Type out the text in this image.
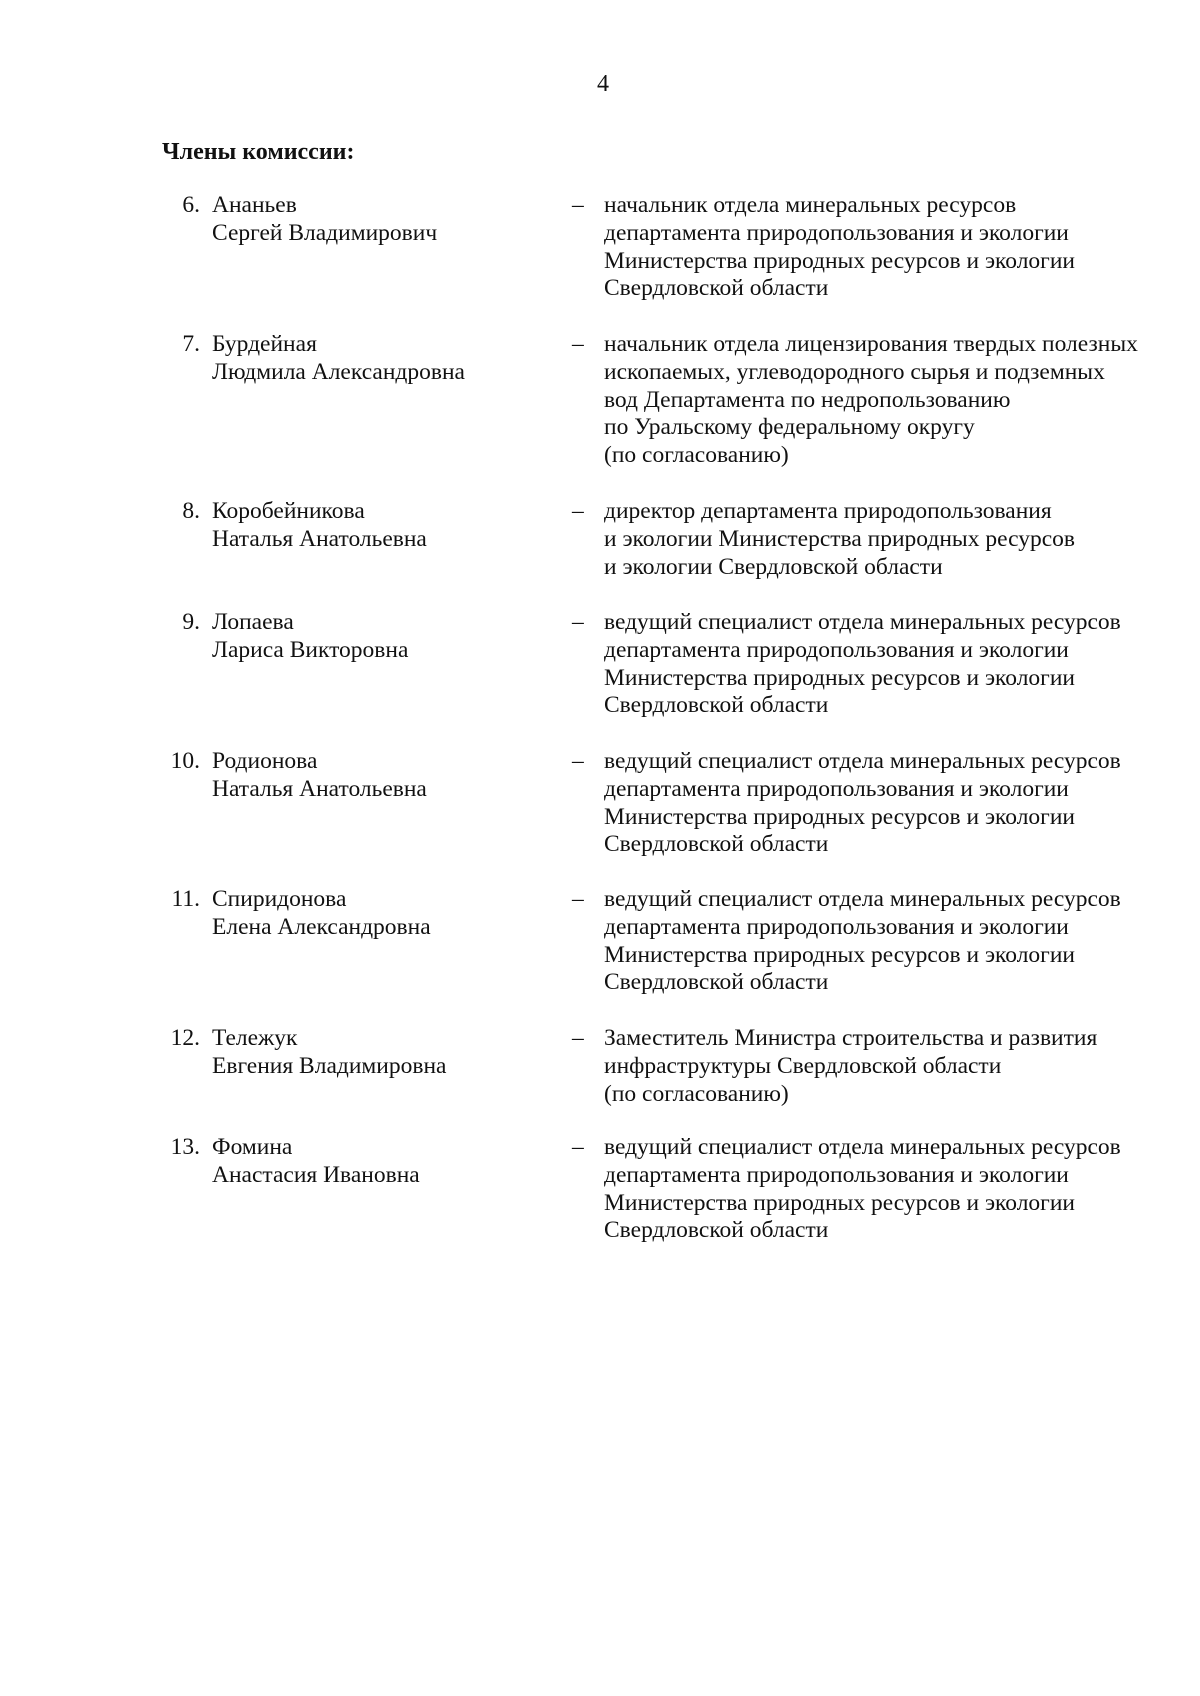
4
Члены комиссии:
6. Ананьев
Сергей Владимирович
– начальник отдела минеральных ресурсов
департамента природопользования и экологии
Министерства природных ресурсов и экологии
Свердловской области
7. Бурдейная
Людмила Александровна
– начальник отдела лицензирования твердых полезных
ископаемых, углеводородного сырья и подземных
вод Департамента по недропользованию
по Уральскому федеральному округу
(по согласованию)
8. Коробейникова
Наталья Анатольевна
– директор департамента природопользования
и экологии Министерства природных ресурсов
и экологии Свердловской области
9. Лопаева
Лариса Викторовна
– ведущий специалист отдела минеральных ресурсов
департамента природопользования и экологии
Министерства природных ресурсов и экологии
Свердловской области
10. Родионова
Наталья Анатольевна
– ведущий специалист отдела минеральных ресурсов
департамента природопользования и экологии
Министерства природных ресурсов и экологии
Свердловской области
11. Спиридонова
Елена Александровна
– ведущий специалист отдела минеральных ресурсов
департамента природопользования и экологии
Министерства природных ресурсов и экологии
Свердловской области
12. Тележук
Евгения Владимировна
– Заместитель Министра строительства и развития
инфраструктуры Свердловской области
(по согласованию)
13. Фомина
Анастасия Ивановна
– ведущий специалист отдела минеральных ресурсов
департамента природопользования и экологии
Министерства природных ресурсов и экологии
Свердловской области
